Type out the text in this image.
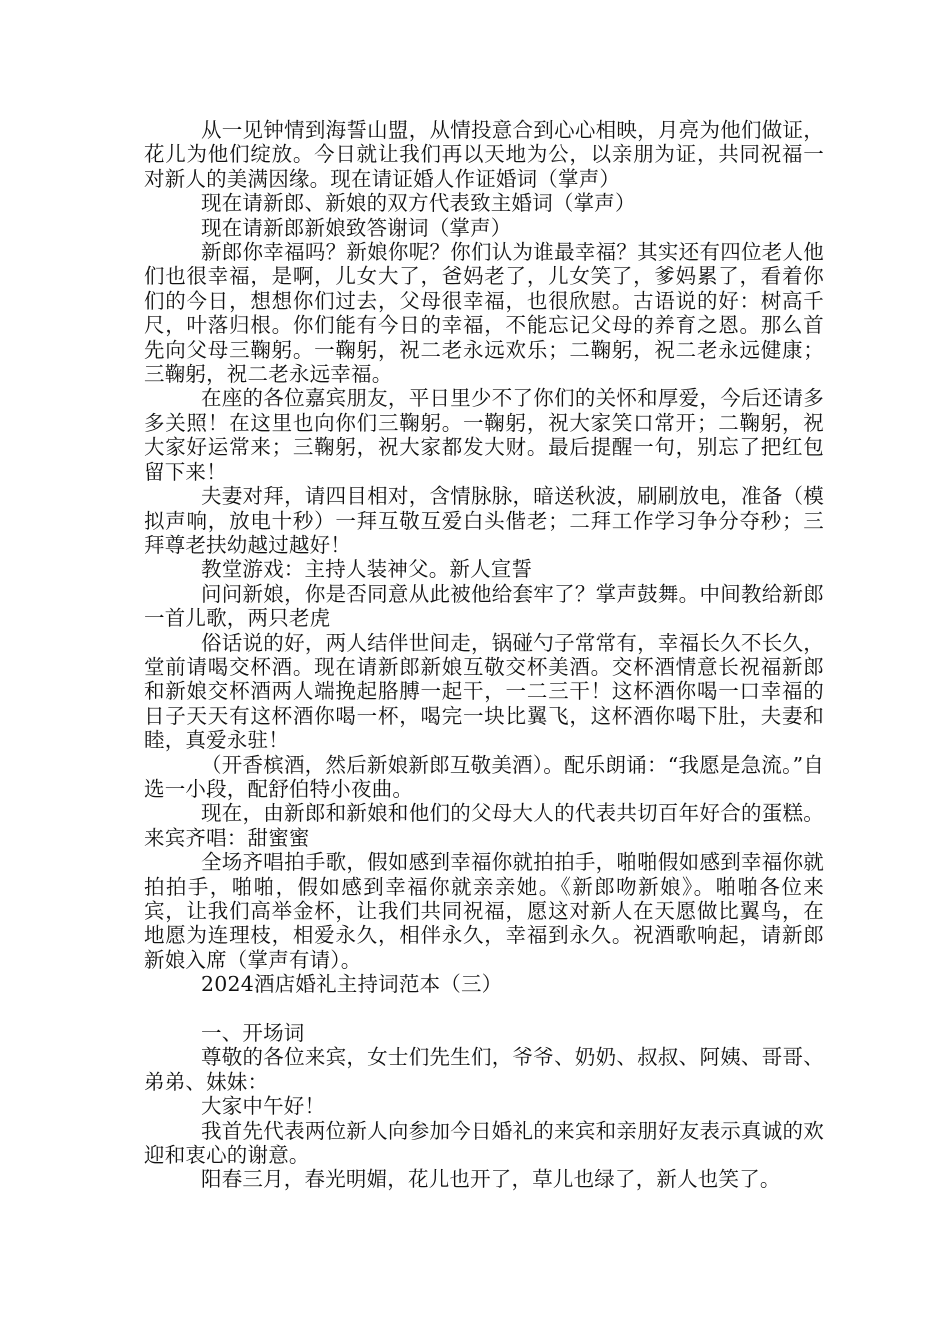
从一见钟情到海誓山盟，从情投意合到心心相映，月亮为他们做证，花儿为他们绽放。今日就让我们再以天地为公，以亲朋为证，共同祝福一对新人的美满因缘。现在请证婚人作证婚词（掌声）

现在请新郎、新娘的双方代表致主婚词（掌声）

现在请新郎新娘致答谢词（掌声）

新郎你幸福吗？新娘你呢？你们认为谁最幸福？其实还有四位老人他们也很幸福，是啊，儿女大了，爸妈老了，儿女笑了，爹妈累了，看着你们的今日，想想你们过去，父母很幸福，也很欣慰。古语说的好：树高千尺，叶落归根。你们能有今日的幸福，不能忘记父母的养育之恩。那么首先向父母三鞠躬。一鞠躬，祝二老永远欢乐；二鞠躬，祝二老永远健康；三鞠躬，祝二老永远幸福。

在座的各位嘉宾朋友，平日里少不了你们的关怀和厚爱，今后还请多多关照！在这里也向你们三鞠躬。一鞠躬，祝大家笑口常开；二鞠躬，祝大家好运常来；三鞠躬，祝大家都发大财。最后提醒一句，别忘了把红包留下来！

夫妻对拜，请四目相对，含情脉脉，暗送秋波，刷刷放电，准备（模拟声响，放电十秒）一拜互敬互爱白头偕老；二拜工作学习争分夺秒；三拜尊老扶幼越过越好！

教堂游戏：主持人装神父。新人宣誓

问问新娘，你是否同意从此被他给套牢了？掌声鼓舞。中间教给新郎一首儿歌，两只老虎

俗话说的好，两人结伴世间走，锅碰勺子常常有，幸福长久不长久，堂前请喝交杯酒。现在请新郎新娘互敬交杯美酒。交杯酒情意长祝福新郎和新娘交杯酒两人端挽起胳膊一起干，一二三干！这杯酒你喝一口幸福的日子天天有这杯酒你喝一杯，喝完一块比翼飞，这杯酒你喝下肚，夫妻和睦，真爱永驻！

（开香槟酒，然后新娘新郎互敬美酒）。配乐朗诵：“我愿是急流。”自选一小段，配舒伯特小夜曲。

现在，由新郎和新娘和他们的父母大人的代表共切百年好合的蛋糕。来宾齐唱：甜蜜蜜

全场齐唱拍手歌，假如感到幸福你就拍拍手，啪啪假如感到幸福你就拍拍手，啪啪，假如感到幸福你就亲亲她。《新郎吻新娘》。啪啪各位来宾，让我们高举金杯，让我们共同祝福，愿这对新人在天愿做比翼鸟，在地愿为连理枝，相爱永久，相伴永久，幸福到永久。祝酒歌响起，请新郎新娘入席（掌声有请）。

2024酒店婚礼主持词范本（三）

一、开场词

尊敬的各位来宾，女士们先生们，爷爷、奶奶、叔叔、阿姨、哥哥、弟弟、妹妹：

大家中午好！

我首先代表两位新人向参加今日婚礼的来宾和亲朋好友表示真诚的欢迎和衷心的谢意。

阳春三月，春光明媚，花儿也开了，草儿也绿了，新人也笑了。
